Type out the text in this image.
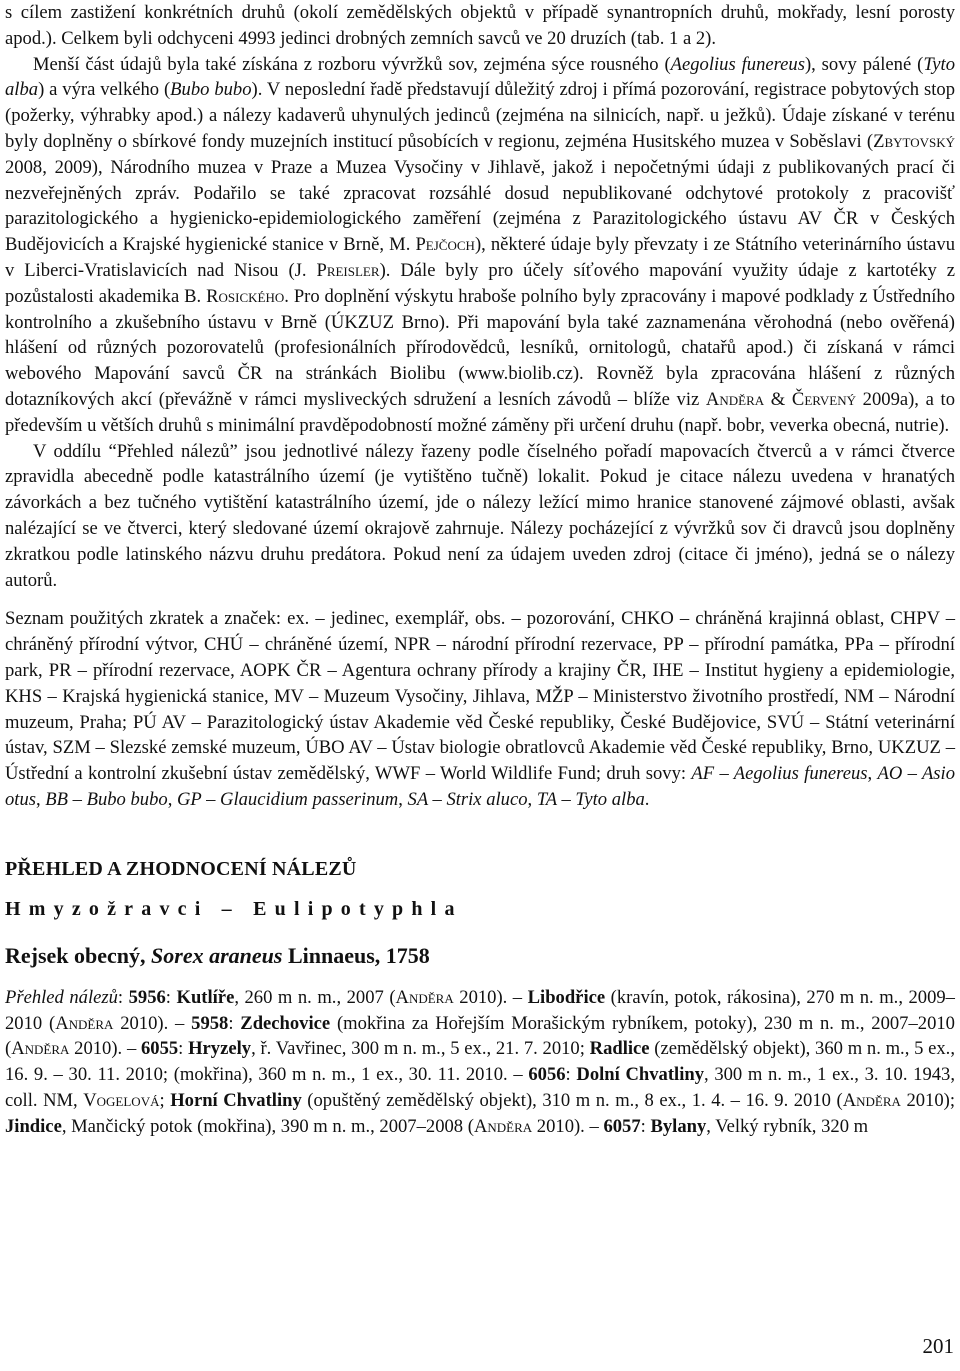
s cílem zastižení konkrétních druhů (okolí zemědělských objektů v případě synantropních druhů, mokřady, lesní porosty apod.). Celkem byli odchyceni 4993 jedinci drobných zemních savců ve 20 druzích (tab. 1 a 2).

Menší část údajů byla také získána z rozboru vývržků sov, zejména sýce rousného (Aegolius funereus), sovy pálené (Tyto alba) a výra velkého (Bubo bubo). V neposlední řadě představují důležitý zdroj i přímá pozorování, registrace pobytových stop (požerky, výhrabky apod.) a nálezy kadaverů uhynulých jedinců (zejména na silnicích, např. u ježků). Údaje získané v terénu byly doplněny o sbírkové fondy muzejních institucí působících v regionu, zejména Husitského muzea v Soběslavi (Zbytovský 2008, 2009), Národního muzea v Praze a Muzea Vysočiny v Jihlavě, jakož i nepočetnými údaji z publikovaných prací či nezveřejněných zpráv. Podařilo se také zpracovat rozsáhlé dosud nepublikované odchytové protokoly z pracovišť parazitologického a hygienicko-epidemiologického zaměření (zejména z Parazitologického ústavu AV ČR v Českých Budějovicích a Krajské hygienické stanice v Brně, M. Pejčoch), některé údaje byly převzaty i ze Státního veterinárního ústavu v Liberci-Vratislavicích nad Nisou (J. Preisler). Dále byly pro účely síťového mapování využity údaje z kartotéky z pozůstalosti akademika B. Rosického. Pro doplnění výskytu hraboše polního byly zpracovány i mapové podklady z Ústředního kontrolního a zkušebního ústavu v Brně (ÚKZUZ Brno). Při mapování byla také zaznamenána věrohodná (nebo ověřená) hlášení od různých pozorovatelů (profesionálních přírodovědců, lesníků, ornitologů, chatařů apod.) či získaná v rámci webového Mapování savců ČR na stránkách Biolibu (www.biolib.cz). Rovněž byla zpracována hlášení z různých dotazníkových akcí (převážně v rámci mysliveckých sdružení a lesních závodů – blíže viz Anděra & Červený 2009a), a to především u větších druhů s minimální pravděpodobností možné záměny při určení druhu (např. bobr, veverka obecná, nutrie).

V oddílu “Přehled nálezů” jsou jednotlivé nálezy řazeny podle číselného pořadí mapovacích čtverců a v rámci čtverce zpravidla abecedně podle katastrálního území (je vytištěno tučně) lokalit. Pokud je citace nálezu uvedena v hranatých závorkách a bez tučného vytištění katastrálního území, jde o nálezy ležící mimo hranice stanovené zájmové oblasti, avšak nalézající se ve čtverci, který sledované území okrajově zahrnuje. Nálezy pocházející z vývržků sov či dravců jsou doplněny zkratkou podle latinského názvu druhu predátora. Pokud není za údajem uveden zdroj (citace či jméno), jedná se o nálezy autorů.

Seznam použitých zkratek a značek: ex. – jedinec, exemplář, obs. – pozorování, CHKO – chráněná krajinná oblast, CHPV – chráněný přírodní výtvor, CHÚ – chráněné území, NPR – národní přírodní rezervace, PP – přírodní památka, PPa – přírodní park, PR – přírodní rezervace, AOPK ČR – Agentura ochrany přírody a krajiny ČR, IHE – Institut hygieny a epidemiologie, KHS – Krajská hygienická stanice, MV – Muzeum Vysočiny, Jihlava, MŽP – Ministerstvo životního prostředí, NM – Národní muzeum, Praha; PÚ AV – Parazitologický ústav Akademie věd České republiky, České Budějovice, SVÚ – Státní veterinární ústav, SZM – Slezské zemské muzeum, ÚBO AV – Ústav biologie obratlovců Akademie věd České republiky, Brno, UKZUZ – Ústřední a kontrolní zkušební ústav zemědělský, WWF – World Wildlife Fund; druh sovy: AF – Aegolius funereus, AO – Asio otus, BB – Bubo bubo, GP – Glaucidium passerinum, SA – Strix aluco, TA – Tyto alba.

PŘEHLED A ZHODNOCENÍ NÁLEZŮ
Hmyzožravci – Eulipotyphla
Rejsek obecný, Sorex araneus Linnaeus, 1758

Přehled nálezů: 5956: Kutlíře, 260 m n. m., 2007 (Anděra 2010). – Libodřice (kravín, potok, rákosina), 270 m n. m., 2009–2010 (Anděra 2010). – 5958: Zdechovice (mokřina za Hořejším Morašickým rybníkem, potoky), 230 m n. m., 2007–2010 (Anděra 2010). – 6055: Hryzely, ř. Vavřinec, 300 m n. m., 5 ex., 21. 7. 2010; Radlice (zemědělský objekt), 360 m n. m., 5 ex., 16. 9. – 30. 11. 2010; (mokřina), 360 m n. m., 1 ex., 30. 11. 2010. – 6056: Dolní Chvatliny, 300 m n. m., 1 ex., 3. 10. 1943, coll. NM, Vogelová; Horní Chvatliny (opuštěný zemědělský objekt), 310 m n. m., 8 ex., 1. 4. – 16. 9. 2010 (Anděra 2010); Jindice, Mančický potok (mokřina), 390 m n. m., 2007–2008 (Anděra 2010). – 6057: Bylany, Velký rybník, 320 m

201
